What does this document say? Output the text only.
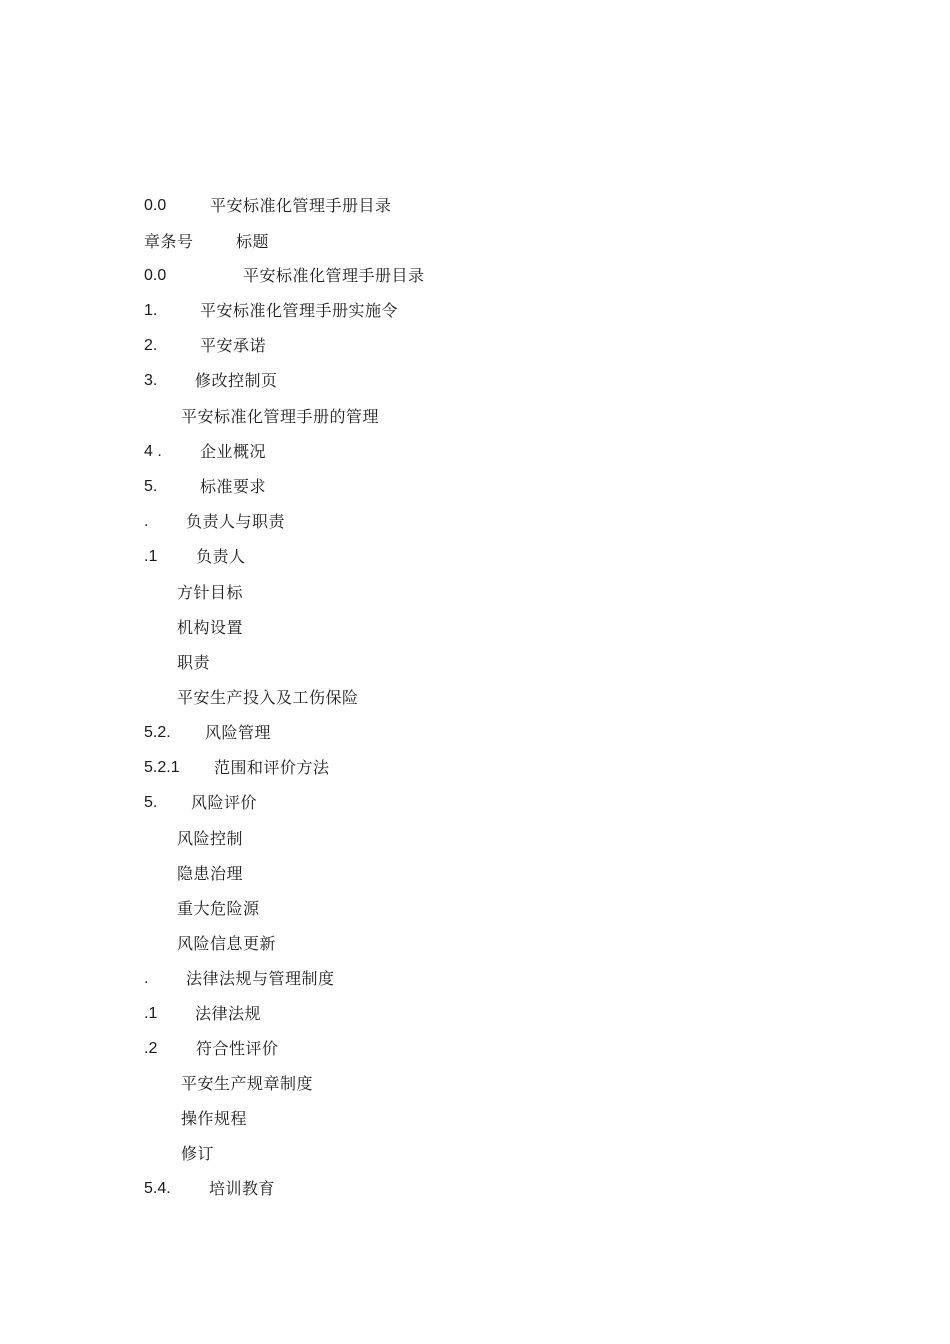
0.0	平安标准化管理手册目录
章条号	标题
0.0	平安标准化管理手册目录
1.	平安标准化管理手册实施令
2.	平安承诺
3. 修改控制页
平安标准化管理手册的管理
4 . 企业概况
5.	标准要求
. 负责人与职责
.1 负责人
方针目标
机构设置
职责
平安生产投入及工伤保险
5.2. 风险管理
5.2.1 范围和评价方法
5. 风险评价
风险控制
隐患治理
重大危险源
风险信息更新
. 法律法规与管理制度
.1 法律法规
.2 符合性评价
平安生产规章制度
操作规程
修订
5.4. 培训教育
